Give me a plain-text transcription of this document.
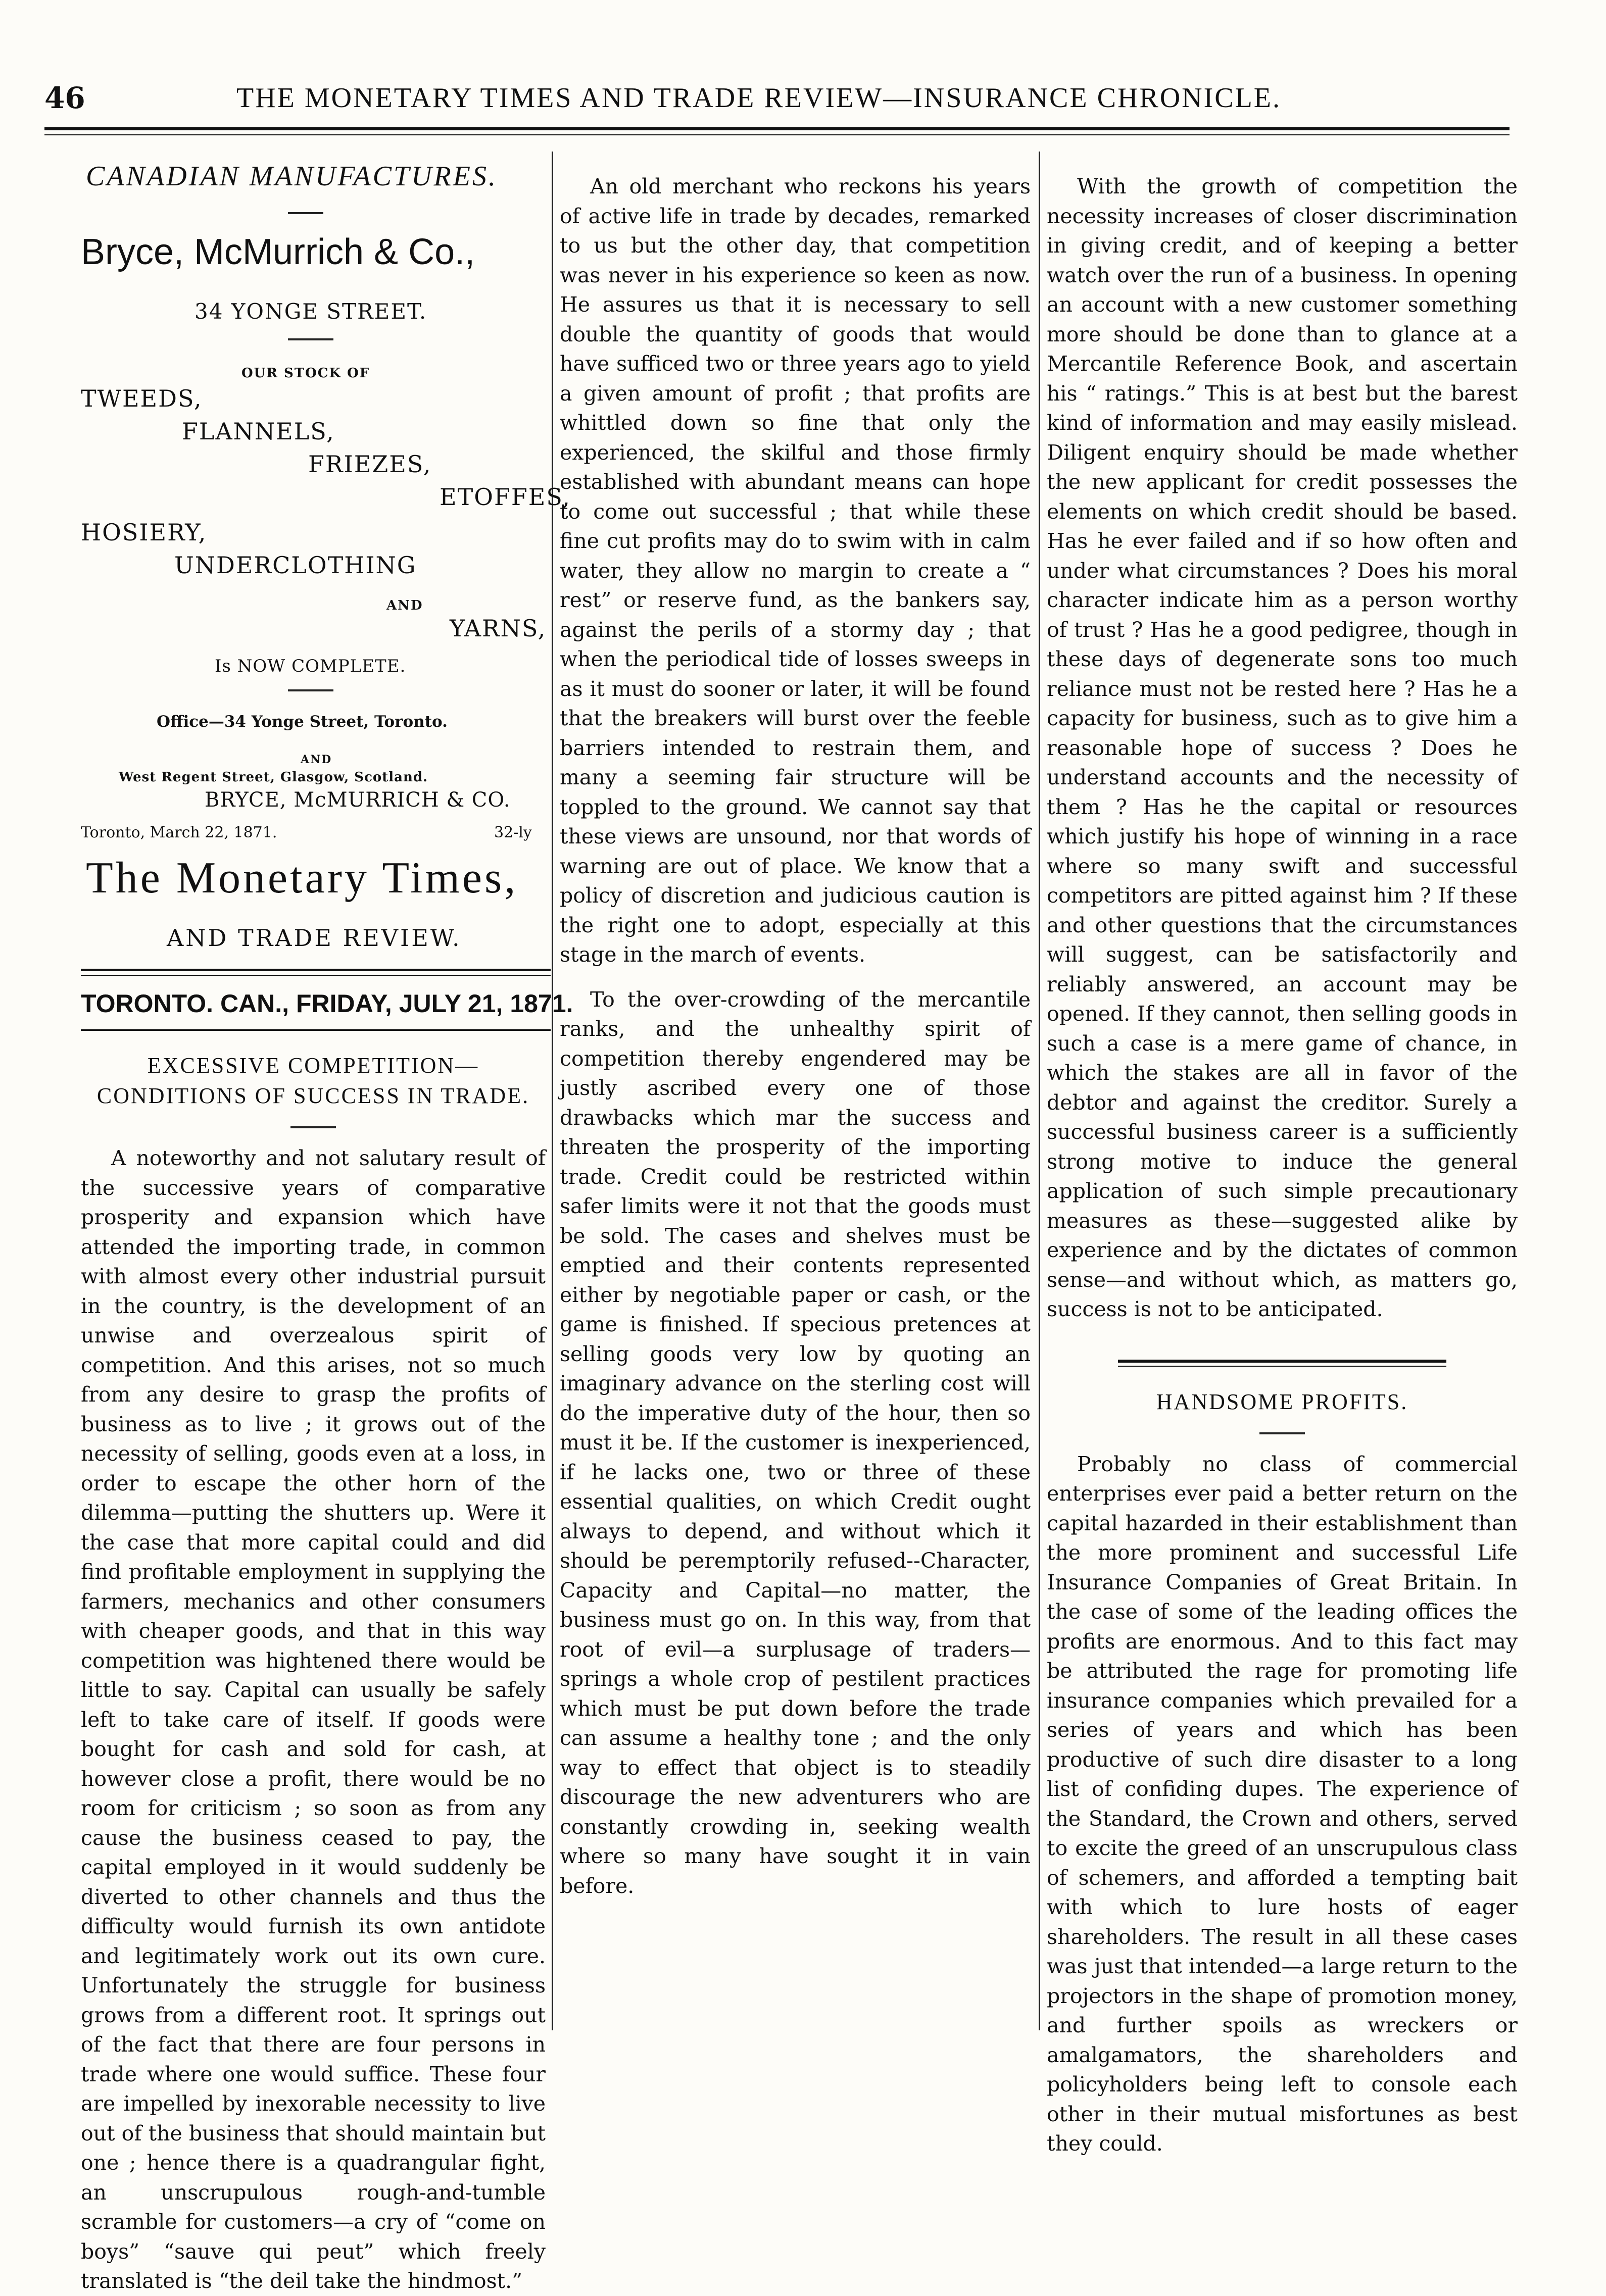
46	THE MONETARY TIMES AND TRADE REVIEW—INSURANCE CHRONICLE.
CANADIAN MANUFACTURES.
Bryce, McMurrich & Co.,
34 YONGE STREET.
OUR STOCK OF
TWEEDS,
FLANNELS,
FRIEZES,
ETOFFES,
HOSIERY,
UNDERCLOTHING
AND
YARNS,
Is NOW COMPLETE.
Office—34 Yonge Street, Toronto.
AND
West Regent Street, Glasgow, Scotland.
BRYCE, McMURRICH & CO.
Toronto, March 22, 1871.	32-ly
The Monetary Times,
AND TRADE REVIEW.
TORONTO. CAN., FRIDAY, JULY 21, 1871.
EXCESSIVE COMPETITION—CONDITIONS OF SUCCESS IN TRADE.

A noteworthy and not salutary result of the successive years of comparative prosperity and expansion which have attended the importing trade, in common with almost every other industrial pursuit in the country, is the development of an unwise and overzealous spirit of competition. And this arises, not so much from any desire to grasp the profits of business as to live ; it grows out of the necessity of selling, goods even at a loss, in order to escape the other horn of the dilemma—putting the shutters up. Were it the case that more capital could and did find profitable employment in supplying the farmers, mechanics and other consumers with cheaper goods, and that in this way competition was hightened there would be little to say. Capital can usually be safely left to take care of itself. If goods were bought for cash and sold for cash, at however close a profit, there would be no room for criticism ; so soon as from any cause the business ceased to pay, the capital employed in it would suddenly be diverted to other channels and thus the difficulty would furnish its own antidote and legitimately work out its own cure. Unfortunately the struggle for business grows from a different root. It springs out of the fact that there are four persons in trade where one would suffice. These four are impelled by inexorable necessity to live out of the business that should maintain but one ; hence there is a quadrangular fight, an unscrupulous rough-and-tumble scramble for customers—a cry of “come on boys” “sauve qui peut” which freely translated is “the deil take the hindmost.”

An old merchant who reckons his years of active life in trade by decades, remarked to us but the other day, that competition was never in his experience so keen as now. He assures us that it is necessary to sell double the quantity of goods that would have sufficed two or three years ago to yield a given amount of profit ; that profits are whittled down so fine that only the experienced, the skilful and those firmly established with abundant means can hope to come out successful ; that while these fine cut profits may do to swim with in calm water, they allow no margin to create a “ rest” or reserve fund, as the bankers say, against the perils of a stormy day ; that when the periodical tide of losses sweeps in as it must do sooner or later, it will be found that the breakers will burst over the feeble barriers intended to restrain them, and many a seeming fair structure will be toppled to the ground. We cannot say that these views are unsound, nor that words of warning are out of place. We know that a policy of discretion and judicious caution is the right one to adopt, especially at this stage in the march of events.

To the over-crowding of the mercantile ranks, and the unhealthy spirit of competition thereby engendered may be justly ascribed every one of those drawbacks which mar the success and threaten the prosperity of the importing trade. Credit could be restricted within safer limits were it not that the goods must be sold. The cases and shelves must be emptied and their contents represented either by negotiable paper or cash, or the game is finished. If specious pretences at selling goods very low by quoting an imaginary advance on the sterling cost will do the imperative duty of the hour, then so must it be. If the customer is inexperienced, if he lacks one, two or three of these essential qualities, on which Credit ought always to depend, and without which it should be peremptorily refused--Character, Capacity and Capital—no matter, the business must go on. In this way, from that root of evil—a surplusage of traders—springs a whole crop of pestilent practices which must be put down before the trade can assume a healthy tone ; and the only way to effect that object is to steadily discourage the new adventurers who are constantly crowding in, seeking wealth where so many have sought it in vain before.

With the growth of competition the necessity increases of closer discrimination in giving credit, and of keeping a better watch over the run of a business. In opening an account with a new customer something more should be done than to glance at a Mercantile Reference Book, and ascertain his “ ratings.” This is at best but the barest kind of information and may easily mislead. Diligent enquiry should be made whether the new applicant for credit possesses the elements on which credit should be based. Has he ever failed and if so how often and under what circumstances ? Does his moral character indicate him as a person worthy of trust ? Has he a good pedigree, though in these days of degenerate sons too much reliance must not be rested here ? Has he a capacity for business, such as to give him a reasonable hope of success ? Does he understand accounts and the necessity of them ? Has he the capital or resources which justify his hope of winning in a race where so many swift and successful competitors are pitted against him ? If these and other questions that the circumstances will suggest, can be satisfactorily and reliably answered, an account may be opened. If they cannot, then selling goods in such a case is a mere game of chance, in which the stakes are all in favor of the debtor and against the creditor. Surely a successful business career is a sufficiently strong motive to induce the general application of such simple precautionary measures as these—suggested alike by experience and by the dictates of common sense—and without which, as matters go, success is not to be anticipated.

HANDSOME PROFITS.

Probably no class of commercial enterprises ever paid a better return on the capital hazarded in their establishment than the more prominent and successful Life Insurance Companies of Great Britain. In the case of some of the leading offices the profits are enormous. And to this fact may be attributed the rage for promoting life insurance companies which prevailed for a series of years and which has been productive of such dire disaster to a long list of confiding dupes. The experience of the Standard, the Crown and others, served to excite the greed of an unscrupulous class of schemers, and afforded a tempting bait with which to lure hosts of eager shareholders. The result in all these cases was just that intended—a large return to the projectors in the shape of promotion money, and further spoils as wreckers or amalgamators, the shareholders and policyholders being left to console each other in their mutual misfortunes as best they could.
